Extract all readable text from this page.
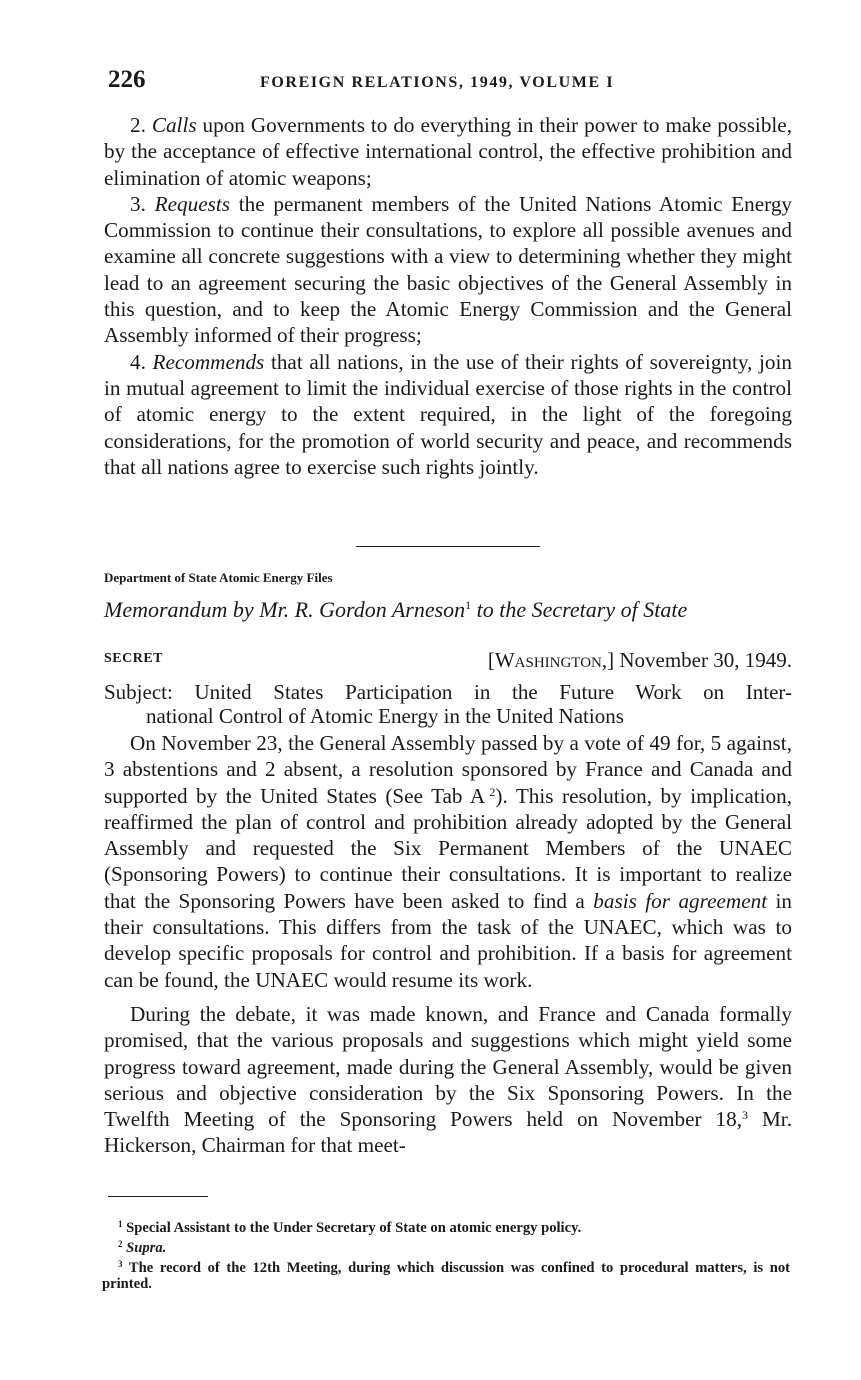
226	FOREIGN RELATIONS, 1949, VOLUME I

2. Calls upon Governments to do everything in their power to make possible, by the acceptance of effective international control, the effective prohibition and elimination of atomic weapons;

3. Requests the permanent members of the United Nations Atomic Energy Commission to continue their consultations, to explore all possible avenues and examine all concrete suggestions with a view to determining whether they might lead to an agreement securing the basic objectives of the General Assembly in this question, and to keep the Atomic Energy Commission and the General Assembly informed of their progress;

4. Recommends that all nations, in the use of their rights of sovereignty, join in mutual agreement to limit the individual exercise of those rights in the control of atomic energy to the extent required, in the light of the foregoing considerations, for the promotion of world security and peace, and recommends that all nations agree to exercise such rights jointly.

Department of State Atomic Energy Files
Memorandum by Mr. R. Gordon Arneson$^1$ to the Secretary of State
SECRET	[Washington,] November 30, 1949.
Subject: United States Participation in the Future Work on Inter-
national Control of Atomic Energy in the United Nations

On November 23, the General Assembly passed by a vote of 49 for, 5 against, 3 abstentions and 2 absent, a resolution sponsored by France and Canada and supported by the United States (See Tab A  $^2$). This resolution, by implication, reaffirmed the plan of control and prohibition already adopted by the General Assembly and requested the Six Permanent Members of the UNAEC (Sponsoring Powers) to continue their consultations. It is important to realize that the Sponsoring Powers have been asked to find a basis for agreement in their consultations. This differs from the task of the UNAEC, which was to develop specific proposals for control and prohibition. If a basis for agreement can be found, the UNAEC would resume its work.

During the debate, it was made known, and France and Canada formally promised, that the various proposals and suggestions which might yield some progress toward agreement, made during the General Assembly, would be given serious and objective consideration by the Six Sponsoring Powers. In the Twelfth Meeting of the Sponsoring Powers held on November 18,$^3$ Mr. Hickerson, Chairman for that meet-

$^1$ Special Assistant to the Under Secretary of State on atomic energy policy.

$^2$ Supra.

$^3$ The record of the 12th Meeting, during which discussion was confined to procedural matters, is not printed.
